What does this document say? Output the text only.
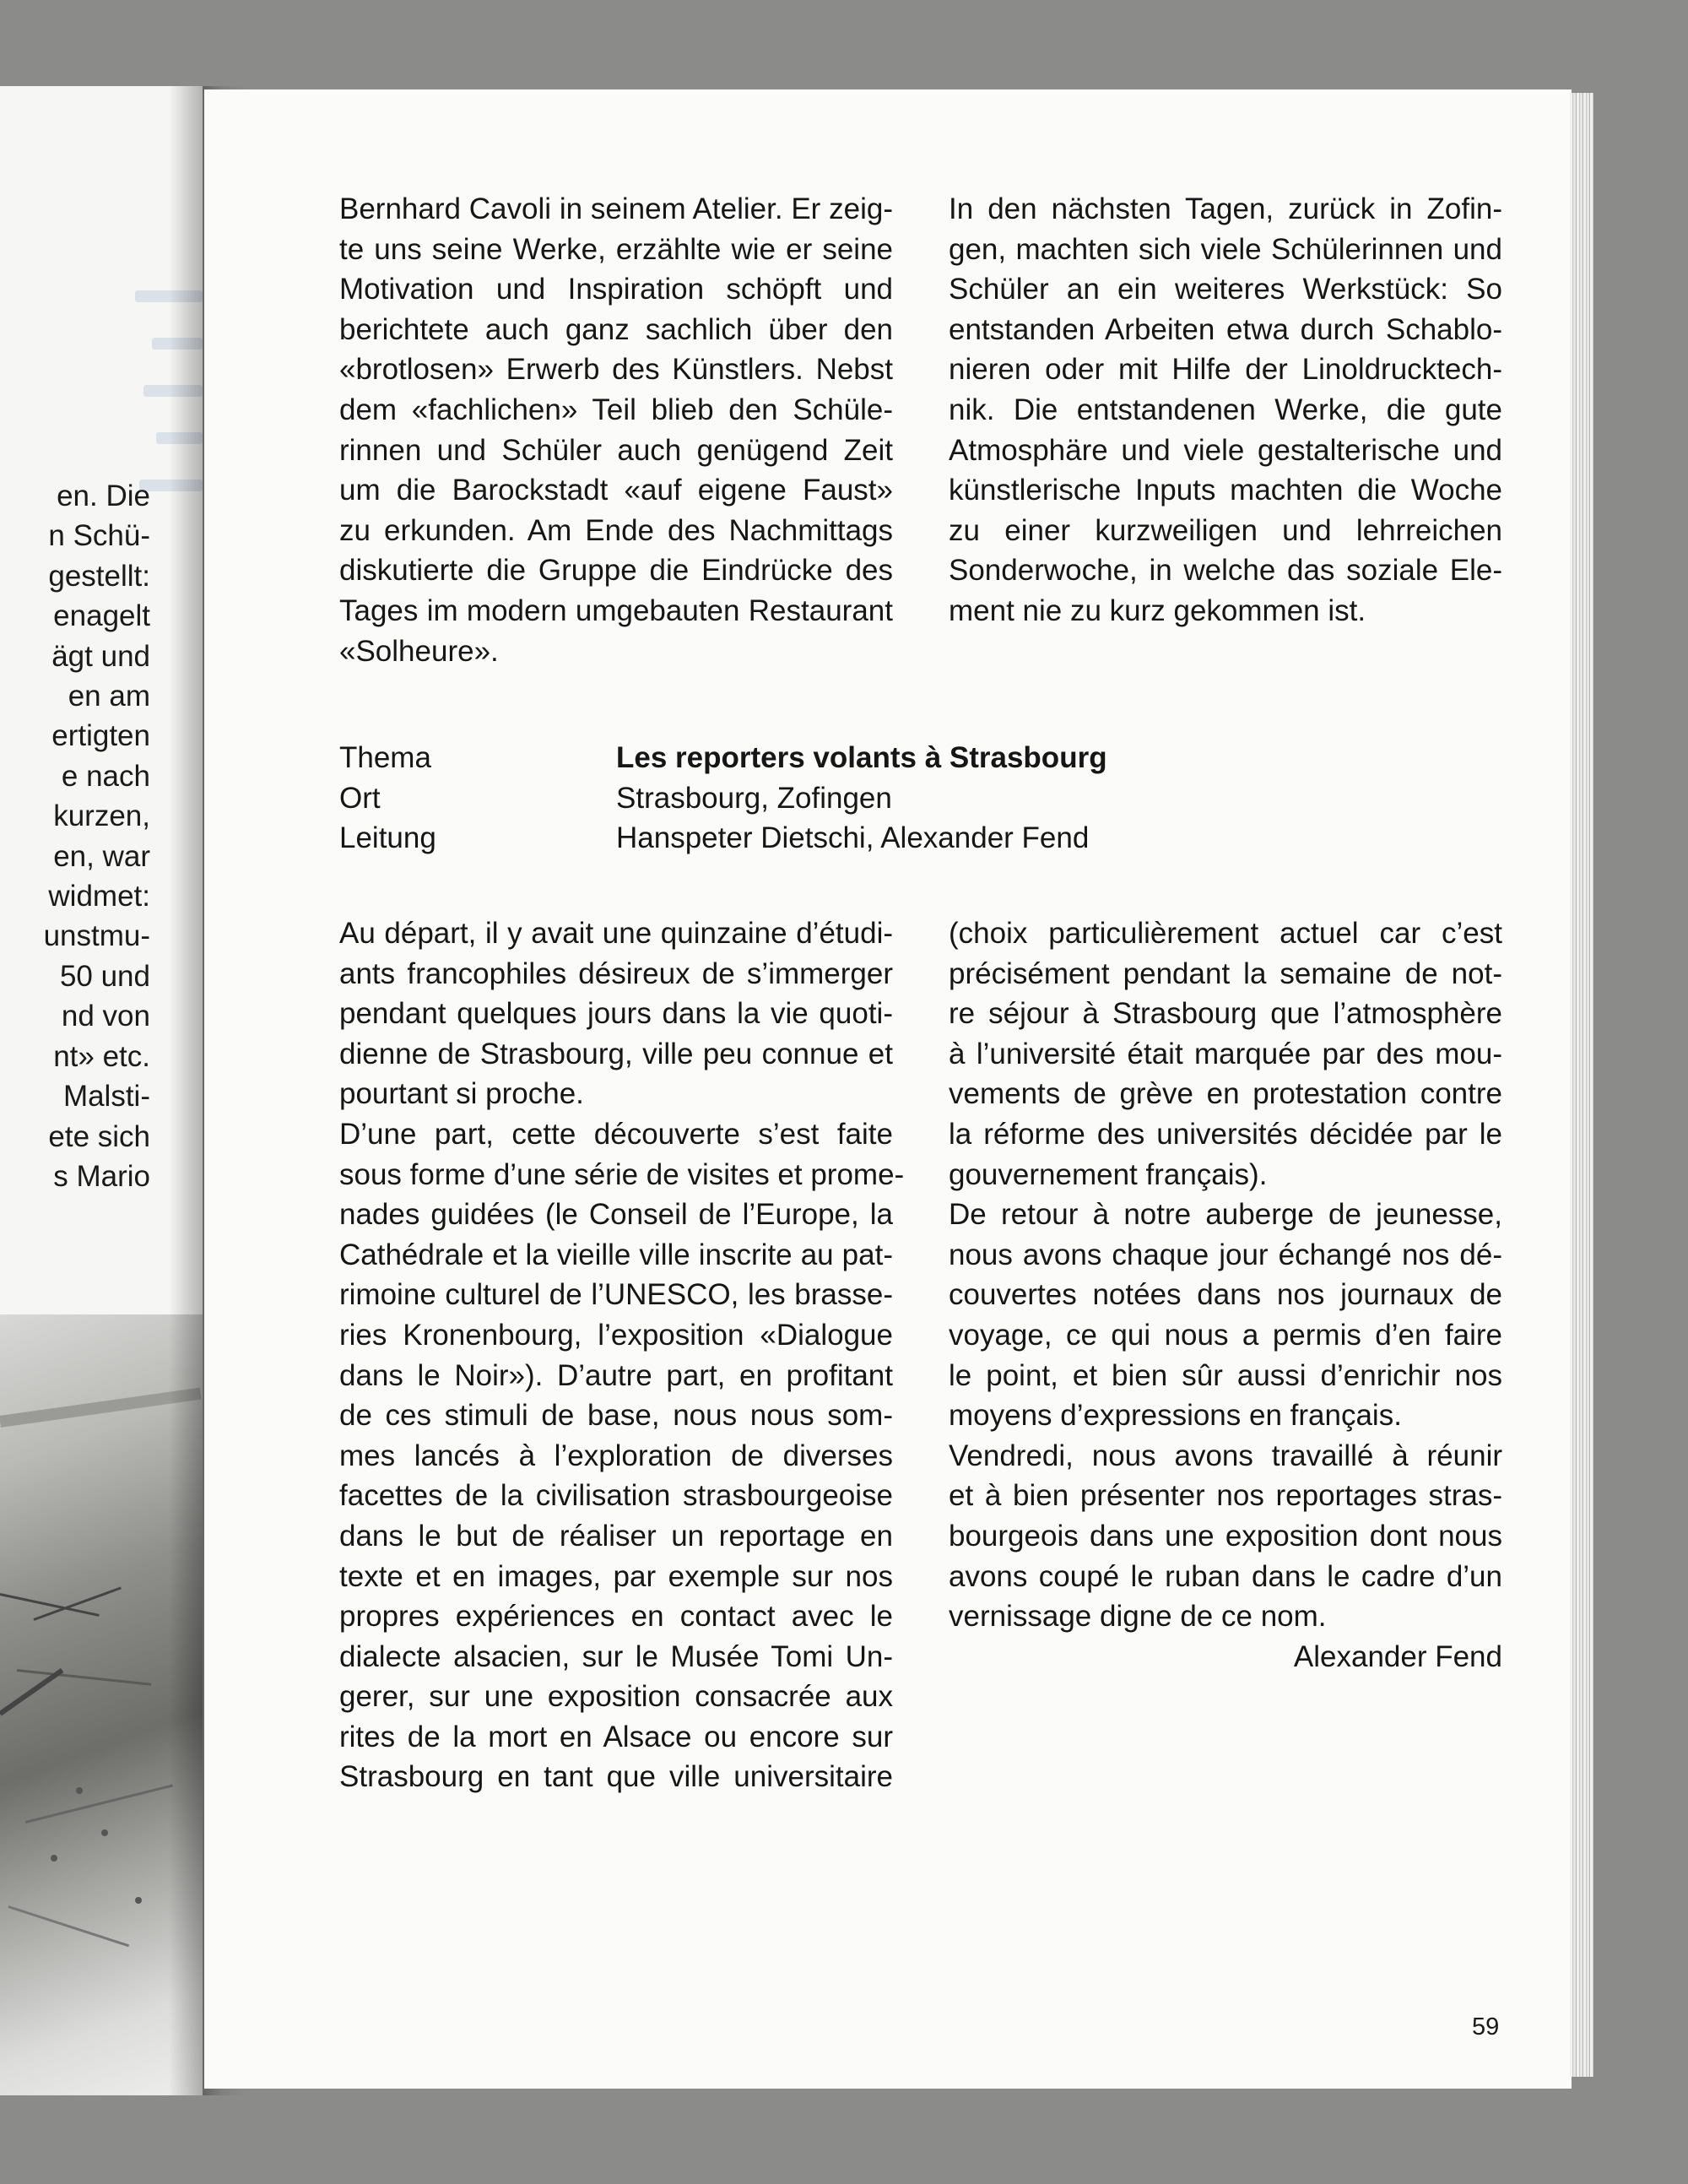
en. Die
n Schü-
gestellt:
enagelt
ägt und
en am
ertigten
e nach
kurzen,
en, war
widmet:
unstmu-
50 und
nd von
nt» etc.
Malsti-
ete sich
s Mario
Bernhard Cavoli in seinem Atelier. Er zeig-
te uns seine Werke, erzählte wie er seine
Motivation und Inspiration schöpft und
berichtete auch ganz sachlich über den
«brotlosen» Erwerb des Künstlers. Nebst
dem «fachlichen» Teil blieb den Schüle-
rinnen und Schüler auch genügend Zeit
um die Barockstadt «auf eigene Faust»
zu erkunden. Am Ende des Nachmittags
diskutierte die Gruppe die Eindrücke des
Tages im modern umgebauten Restaurant
«Solheure».
In den nächsten Tagen, zurück in Zofin-
gen, machten sich viele Schülerinnen und
Schüler an ein weiteres Werkstück: So
entstanden Arbeiten etwa durch Schablo-
nieren oder mit Hilfe der Linoldrucktech-
nik. Die entstandenen Werke, die gute
Atmosphäre und viele gestalterische und
künstlerische Inputs machten die Woche
zu einer kurzweiligen und lehrreichen
Sonderwoche, in welche das soziale Ele-
ment nie zu kurz gekommen ist.
Thema	Les reporters volants à Strasbourg
Ort	Strasbourg, Zofingen
Leitung	Hanspeter Dietschi, Alexander Fend
Au départ, il y avait une quinzaine d’étudi-
ants francophiles désireux de s’immerger
pendant quelques jours dans la vie quoti-
dienne de Strasbourg, ville peu connue et
pourtant si proche.
D’une part, cette découverte s’est faite
sous forme d’une série de visites et prome-
nades guidées (le Conseil de l’Europe, la
Cathédrale et la vieille ville inscrite au pat-
rimoine culturel de l’UNESCO, les brasse-
ries Kronenbourg, l’exposition «Dialogue
dans le Noir»). D’autre part, en profitant
de ces stimuli de base, nous nous som-
mes lancés à l’exploration de diverses
facettes de la civilisation strasbourgeoise
dans le but de réaliser un reportage en
texte et en images, par exemple sur nos
propres expériences en contact avec le
dialecte alsacien, sur le Musée Tomi Un-
gerer, sur une exposition consacrée aux
rites de la mort en Alsace ou encore sur
Strasbourg en tant que ville universitaire
(choix particulièrement actuel car c’est
précisément pendant la semaine de not-
re séjour à Strasbourg que l’atmosphère
à l’université était marquée par des mou-
vements de grève en protestation contre
la réforme des universités décidée par le
gouvernement français).
De retour à notre auberge de jeunesse,
nous avons chaque jour échangé nos dé-
couvertes notées dans nos journaux de
voyage, ce qui nous a permis d’en faire
le point, et bien sûr aussi d’enrichir nos
moyens d’expressions en français.
Vendredi, nous avons travaillé à réunir
et à bien présenter nos reportages stras-
bourgeois dans une exposition dont nous
avons coupé le ruban dans le cadre d’un
vernissage digne de ce nom.
Alexander Fend
59
